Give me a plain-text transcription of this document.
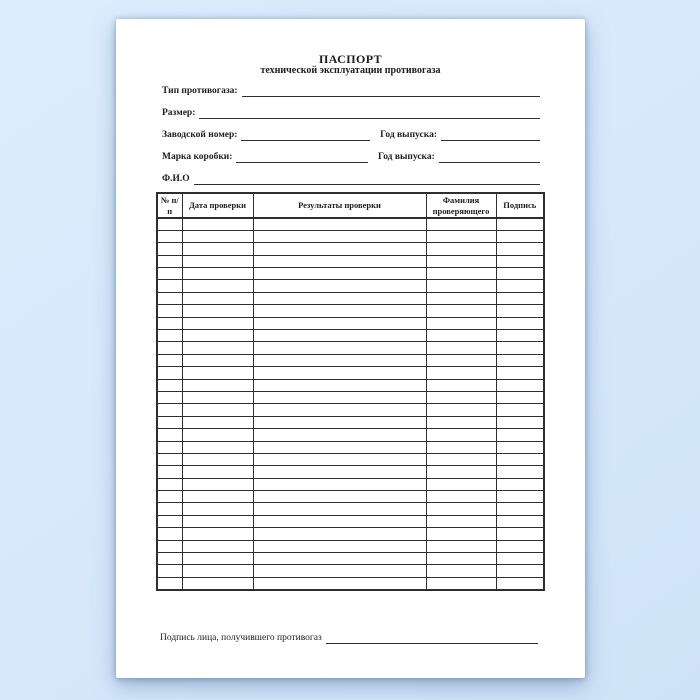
ПАСПОРТ
технической эксплуатации противогаза
Тип противогаза:
Размер:
Заводской номер:	Год выпуска:
Марка коробки:	Год выпуска:
Ф.И.О
№ п/п	Дата проверки	Результаты проверки	Фамилия проверяющего	Подпись

Подпись лица, получившего противогаз
